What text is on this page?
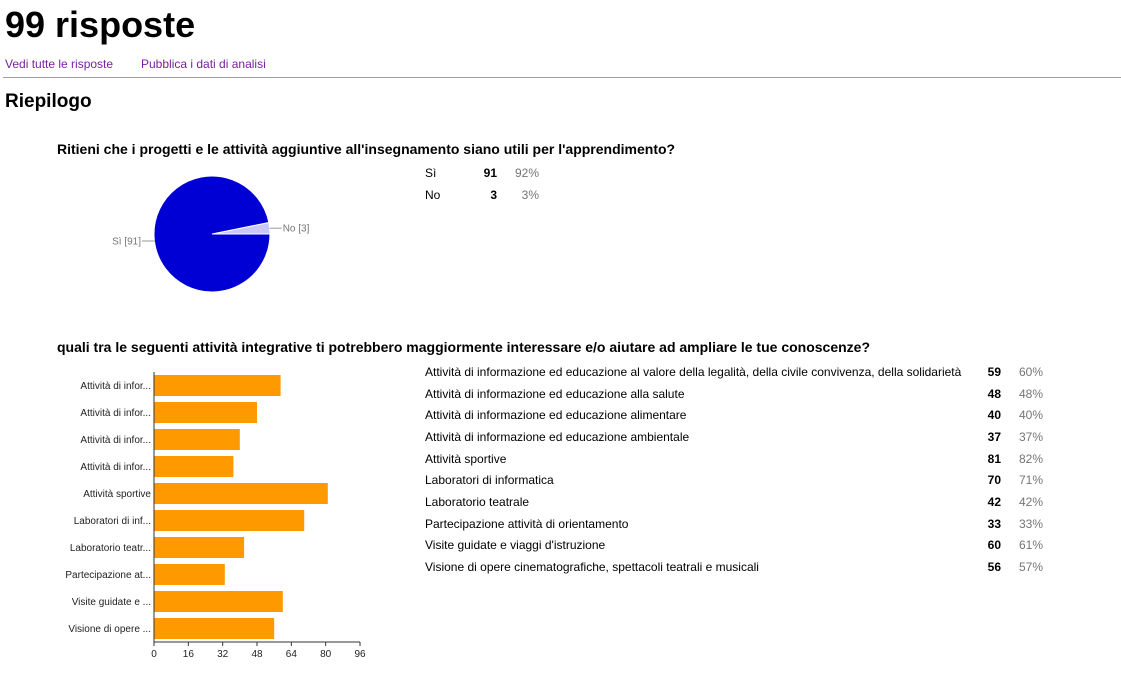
99 risposte
Vedi tutte le risposte Pubblica i dati di analisi
Riepilogo
Ritieni che i progetti e le attività aggiuntive all'insegnamento siano utili per l'apprendimento?
No [3]
Sì [91]
Sì	91	92%
No	3	3%
quali tra le seguenti attività integrative ti potrebbero maggiormente interessare e/o aiutare ad ampliare le tue conoscenze?
Attività di infor...
Attività di infor...
Attività di infor...
Attività di infor...
Attività sportive
Laboratori di inf...
Laboratorio teatr...
Partecipazione at...
Visite guidate e ...
Visione di opere ...
0	16 32 48 64 80 96
Attività di informazione ed educazione al valore della legalità, della civile convivenza, della solidarietà	59	60%
Attività di informazione ed educazione alla salute	48	48%
Attività di informazione ed educazione alimentare	40	40%
Attività di informazione ed educazione ambientale	37	37%
Attività sportive	81	82%
Laboratori di informatica	70	71%
Laboratorio teatrale	42	42%
Partecipazione attività di orientamento	33	33%
Visite guidate e viaggi d'istruzione	60	61%
Visione di opere cinematografiche, spettacoli teatrali e musicali	56	57%
